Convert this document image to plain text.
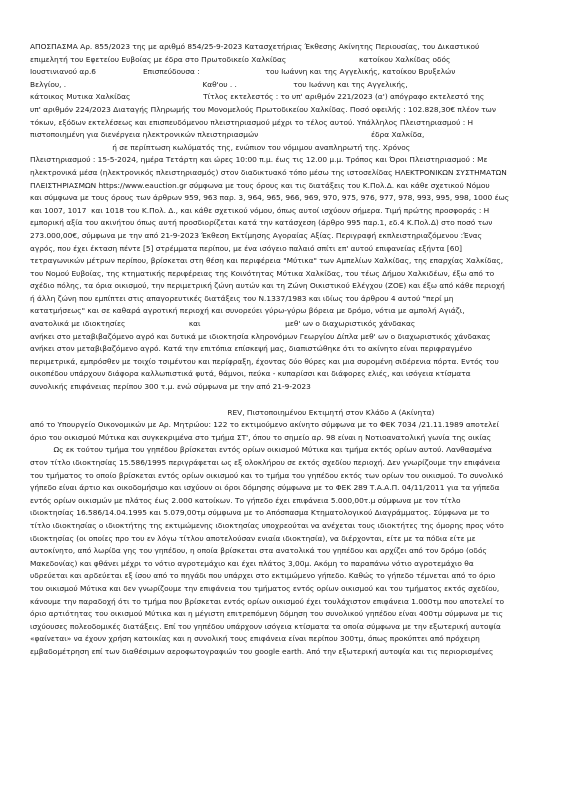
ΑΠΟΣΠΑΣΜΑ Αρ. 855/2023 της με αριθμό 854/25-9-2023 Κατασχετήριας Έκθεσης Ακίνητης Περιουσίας, του Δικαστικού

επιμελητή του Εφετείου Ευβοίας με έδρα στο Πρωτοδικείο Χαλκίδας                               κατοίκου Χαλκίδας οδός

Ιουστινιανού αρ.6                    Επισπεύδουσα :                            του Ιωάννη και της Αγγελικής, κατοίκου Βρυξελών

Βελγίου, .                                                          Καθ'ου . .                        του Ιωάννη και της Αγγελικής,

κάτοικος Μυτικα Χαλκίδας                               Τίτλος εκτελεστός : το υπ' αριθμόν 221/2023 (α') απόγραφο εκτελεστό της

υπ' αριθμόν 224/2023 Διαταγής Πληρωμής του Μονομελούς Πρωτοδικείου Χαλκίδας. Ποσό οφειλής : 102.828,30€ πλέον των

τόκων, εξόδων εκτελέσεως και επισπευδόμενου πλειστηριασμού μέχρι το τέλος αυτού. Υπάλληλος Πλειστηριασμού : Η

πιστοποιημένη για διενέργεια ηλεκτρονικών πλειστηριασμών                                                έδρα Χαλκίδα,

ή σε περίπτωση κωλύματός της, ενώπιον του νόμιμου αναπληρωτή της. Χρόνος

Πλειστηριασμού : 15-5-2024, ημέρα Τετάρτη και ώρες 10:00 π.μ. έως τις 12.00 μ.μ. Τρόπος και Όροι Πλειστηριασμού : Με

ηλεκτρονικά μέσα (ηλεκτρονικός πλειστηριασμός) στον διαδικτυακό τόπο μέσω της ιστοσελίδας ΗΛΕΚΤΡΟΝΙΚΩΝ ΣΥΣΤΗΜΑΤΩΝ

ΠΛΕΙΣΤΗΡΙΑΣΜΩΝ https://www.eauction.gr σύμφωνα με τους όρους και τις διατάξεις του Κ.Πολ.Δ. και κάθε σχετικού Νόμου

και σύμφωνα με τους όρους των άρθρων 959, 963 παρ. 3, 964, 965, 966, 969, 970, 975, 976, 977, 978, 993, 995, 998, 1000 έως

και 1007, 1017  και 1018 του Κ.Πολ. Δ., και κάθε σχετικού νόμου, όπως αυτοί ισχύουν σήμερα. Τιμή πρώτης προσφοράς : Η

εμπορική αξία του ακινήτου όπως αυτή προσδιορίζεται κατά την κατάσχεση (άρθρο 995 παρ.1, εδ.4 Κ.Πολ.Δ) στο ποσό των

273.000,00€, σύμφωνα με την από 21-9-2023 Έκθεση Εκτίμησης Αγοραίας Αξίας. Περιγραφή εκπλειστηριαζόμενου :Ένας

αγρός, που έχει έκταση πέντε [5] στρέμματα περίπου, με ένα ισόγειο παλαιό σπίτι επ' αυτού επιφανείας εξήντα [60]

τετραγωνικών μέτρων περίπου, βρίσκεται στη θέση και περιφέρεια "Μύτικα" των Αμπελίων Χαλκίδας, της επαρχίας Χαλκίδας,

του Νομού Ευβοίας, της κτηματικής περιφέρειας της Κοινότητας Μύτικα Χαλκίδας, του τέως Δήμου Χαλκιδέων, έξω από το

σχέδιο πόλης, τα όρια οικισμού, την περιμετρική ζώνη αυτών και τη Ζώνη Οικιστικού Ελέγχου (ΖΟΕ) και έξω από κάθε περιοχή

ή άλλη ζώνη που εμπίπτει στις απαγορευτικές διατάξεις του Ν.1337/1983 και ιδίως του άρθρου 4 αυτού "περί μη

κατατμήσεως" και σε καθαρά αγροτική περιοχή και συνορεύει γύρω-γύρω βόρεια με δρόμο, νότια με αμπολή Αγιάζι,

ανατολικά με ιδιοκτησίες                           και                                    μεθ' ων ο διαχωριστικός χάνδακας

ανήκει στο μεταβιβαζόμενο αγρό και δυτικά με ιδιοκτησία κληρονόμων Γεωργίου Δίπλα μεθ' ων ο διαχωριστικός χάνδακας

ανήκει στον μεταβιβαζόμενο αγρό. Κατά την επιτόπια επίσκεψή μας, διαπιστώθηκε ότι το ακίνητο είναι περιφραγμένο

περιμετρικά, εμπρόσθεν με τοιχίο τσιμέντου και περίφραξη, έχοντας δύο θύρες και μια συρομένη σιδέρενια πόρτα. Εντός του

οικοπέδου υπάρχουν διάφορα καλλωπιστικά φυτά, θάμνοι, πεύκα - κυπαρίσσι και διάφορες ελιές, και ισόγεια κτίσματα

συνολικής επιφάνειας περίπου 300 τ.μ. ενώ σύμφωνα με την από 21-9-2023

REV, Πιστοποιημένου Εκτιμητή στον Κλάδο Α (Ακίνητα)

από το Υπουργείο Οικονομικών με Αρ. Μητρώου: 122 το εκτιμούμενο ακίνητο σύμφωνα με το ΦΕΚ 7034 /21.11.1989 αποτελεί

όριο του οικισμού Μύτικα και συγκεκριμένα στο τμήμα ΣΤ', όπου το σημείο αρ. 98 είναι η Νοτιοανατολική γωνία της οικίας

Ως εκ τούτου τμήμα του γηπέδου βρίσκεται εντός ορίων οικισμού Μύτικα και τμήμα εκτός ορίων αυτού. Λανθασμένα

στον τίτλο ιδιοκτησίας 15.586/1995 περιγράφεται ως εξ ολοκλήρου σε εκτός σχεδίου περιοχή. Δεν γνωρίζουμε την επιφάνεια

του τμήματος το οποίο βρίσκεται εντός ορίων οικισμού και το τμήμα του γηπέδου εκτός των ορίων του οικισμού. Το συνολικό

γήπεδο είναι άρτιο και οικοδομήσιμο και ισχύουν οι όροι δόμησης σύμφωνα με το ΦΕΚ 289 Τ.Α.Α.Π. 04/11/2011 για τα γήπεδα

εντός ορίων οικισμών με πλάτος έως 2.000 κατοίκων. Το γήπεδο έχει επιφάνεια 5.000,00τ.μ σύμφωνα με τον τίτλο

ιδιοκτησίας 16.586/14.04.1995 και 5.079,00τμ σύμφωνα με το Απόσπασμα Κτηματολογικού Διαγράμματος. Σύμφωνα με το

τίτλο ιδιοκτησίας ο ιδιοκτήτης της εκτιμώμενης ιδιοκτησίας υποχρεούται να ανέχεται τους ιδιοκτήτες της όμορης προς νότο

ιδιοκτησίας (οι οποίες προ του εν λόγω τίτλου αποτελούσαν ενιαία ιδιοκτησία), να διέρχονται, είτε με τα πόδια είτε με

αυτοκίνητο, από λωρίδα γης του γηπέδου, η οποία βρίσκεται στα ανατολικά του γηπέδου και αρχίζει από τον δρόμο (οδός

Μακεδονίας) και φθάνει μέχρι το νότιο αγροτεμάχιο και έχει πλάτος 3,00μ. Ακόμη το παραπάνω νότιο αγροτεμάχιο θα

υδρεύεται και αρδεύεται εξ ίσου από το πηγάδι που υπάρχει στο εκτιμώμενο γήπεδο. Καθώς το γήπεδο τέμνεται από το όριο

του οικισμού Μύτικα και δεν γνωρίζουμε την επιφάνεια του τμήματος εντός ορίων οικισμού και του τμήματος εκτός σχεδίου,

κάνουμε την παραδοχή ότι το τμήμα που βρίσκεται εντός ορίων οικισμού έχει τουλάχιστον επιφάνεια 1.000τμ που αποτελεί το

όριο αρτιότητας του οικισμού Μύτικα και η μέγιστη επιτρεπόμενη δόμηση του συνολικού γηπέδου είναι 400τμ σύμφωνα με τις

ισχύουσες πολεοδομικές διατάξεις. Επί του γηπέδου υπάρχουν ισόγεια κτίσματα τα οποία σύμφωνα με την εξωτερική αυτοψία

«φαίνεται» να έχουν χρήση κατοικίας και η συνολική τους επιφάνεια είναι περίπου 300τμ, όπως προκύπτει από πρόχειρη

εμβαδομέτρηση επί των διαθέσιμων αεροφωτογραφιών του google earth. Από την εξωτερική αυτοψία και τις περιορισμένες
